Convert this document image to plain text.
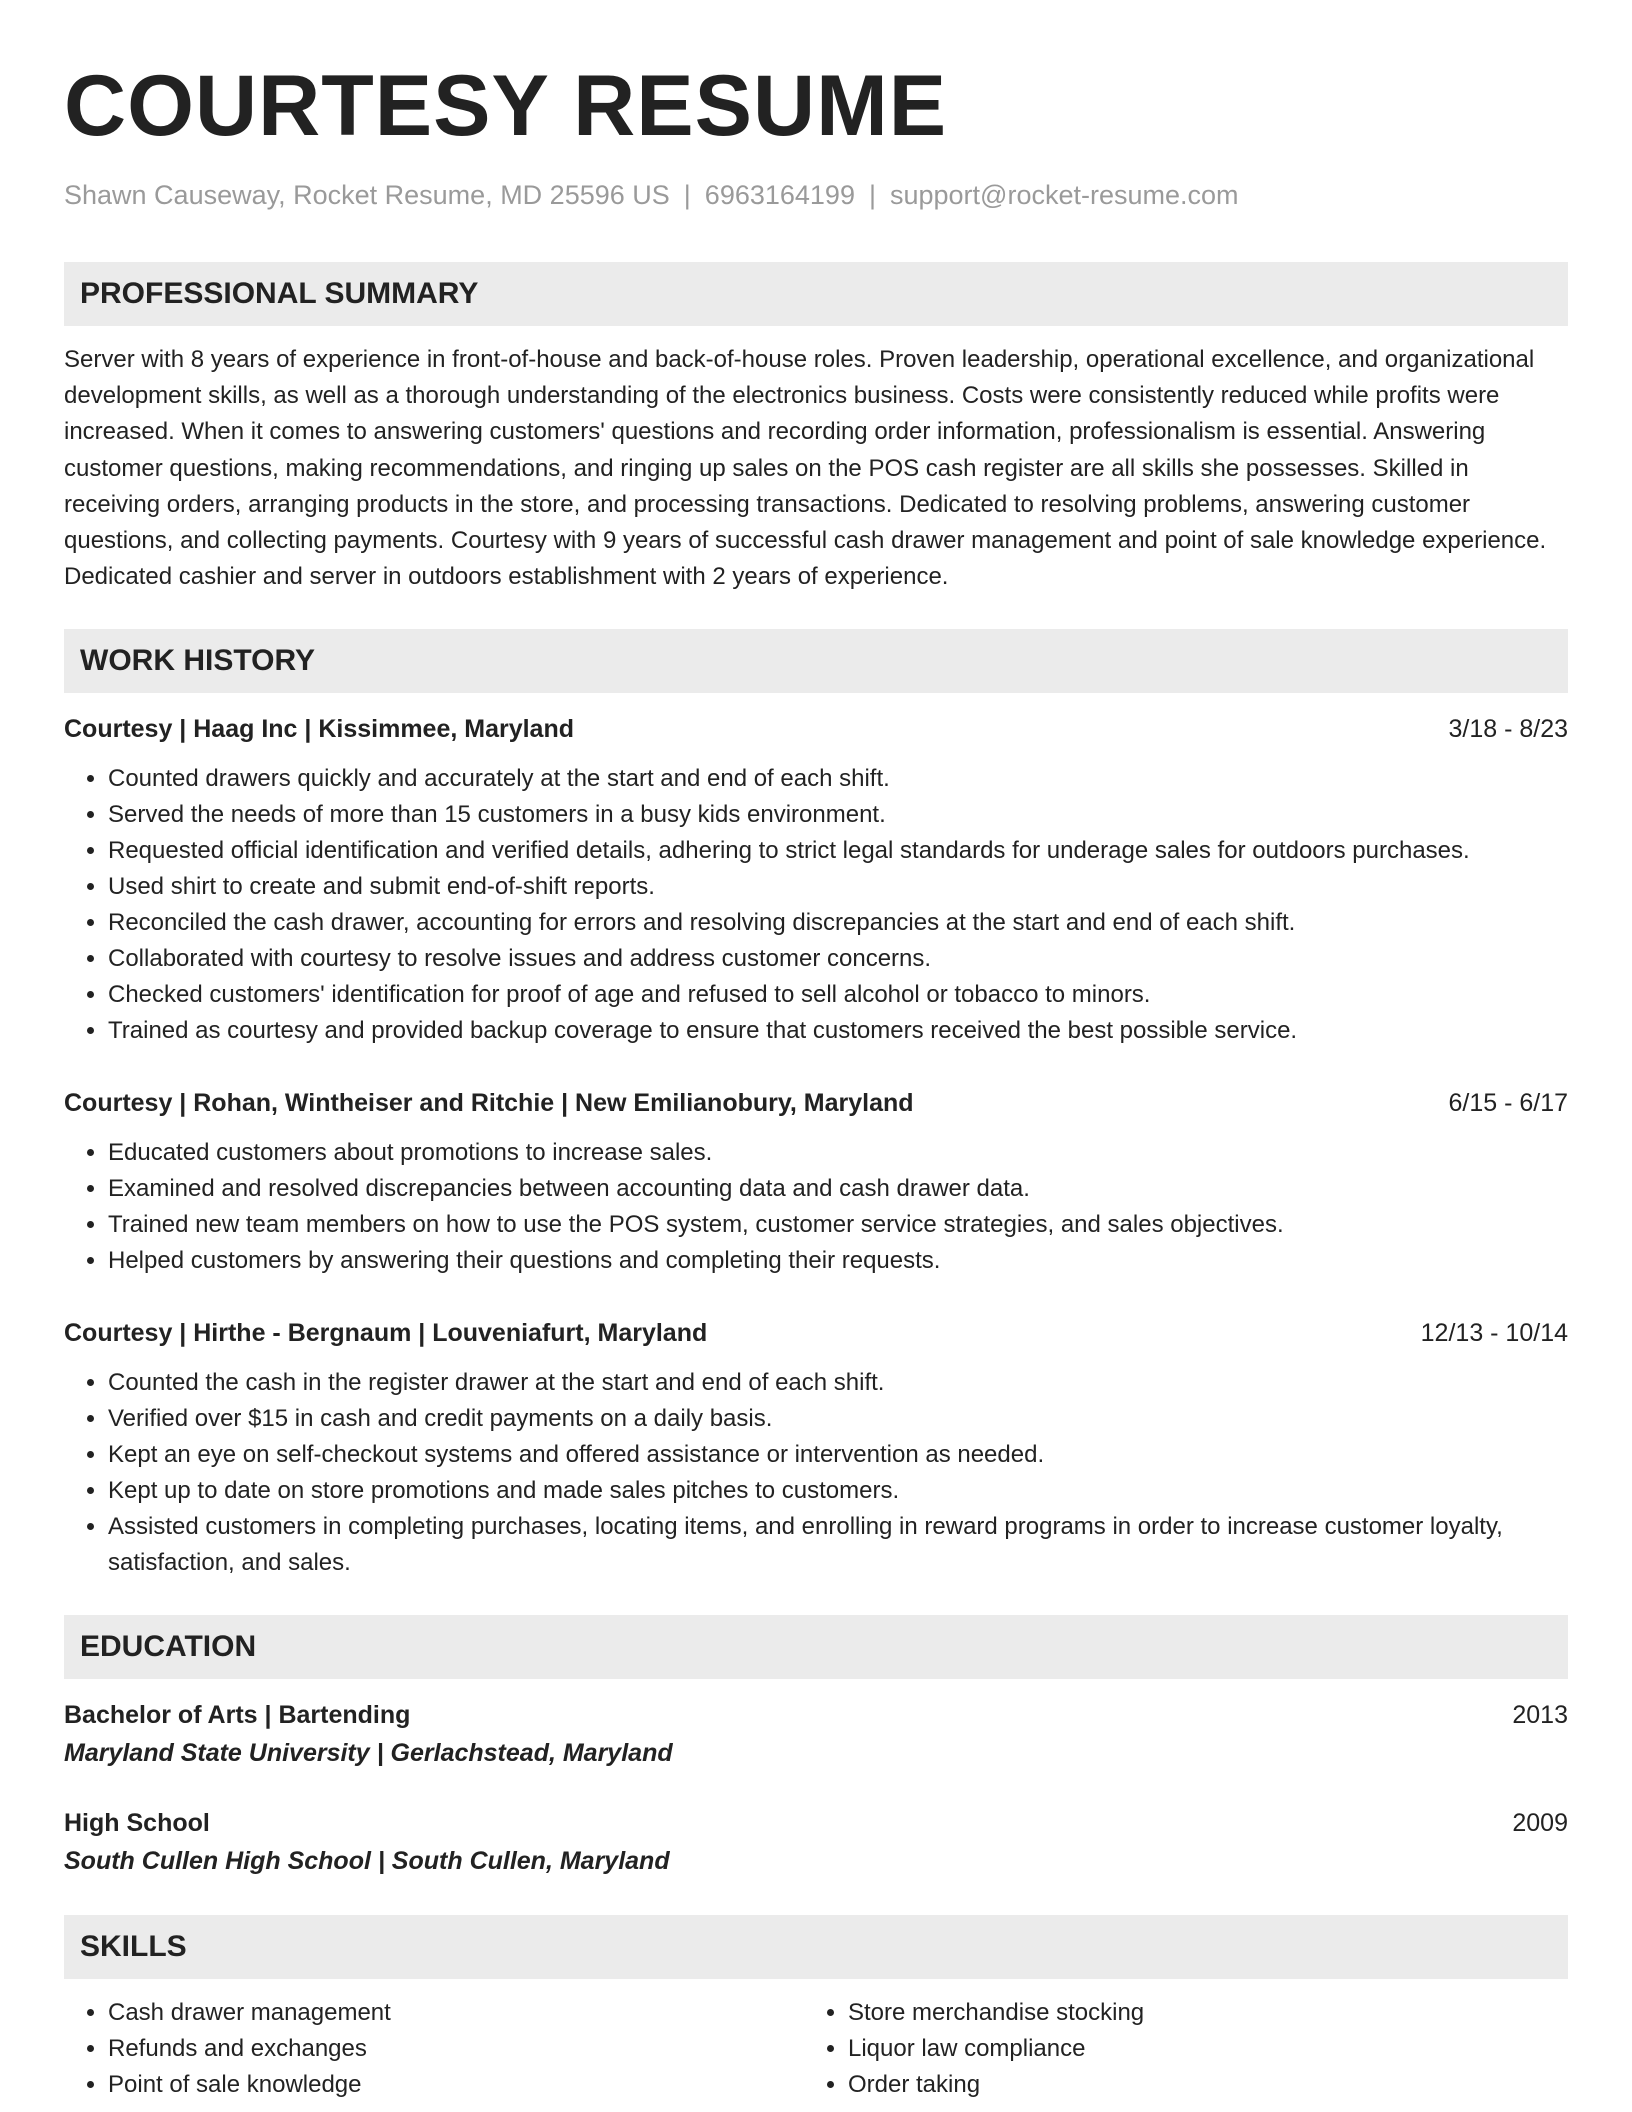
COURTESY RESUME
Shawn Causeway, Rocket Resume, MD 25596 US | 6963164199 | support@rocket-resume.com
PROFESSIONAL SUMMARY
Server with 8 years of experience in front-of-house and back-of-house roles. Proven leadership, operational excellence, and organizational development skills, as well as a thorough understanding of the electronics business. Costs were consistently reduced while profits were increased. When it comes to answering customers' questions and recording order information, professionalism is essential. Answering customer questions, making recommendations, and ringing up sales on the POS cash register are all skills she possesses. Skilled in receiving orders, arranging products in the store, and processing transactions. Dedicated to resolving problems, answering customer questions, and collecting payments. Courtesy with 9 years of successful cash drawer management and point of sale knowledge experience. Dedicated cashier and server in outdoors establishment with 2 years of experience.
WORK HISTORY
Courtesy | Haag Inc | Kissimmee, Maryland	3/18 - 8/23
• Counted drawers quickly and accurately at the start and end of each shift.
• Served the needs of more than 15 customers in a busy kids environment.
• Requested official identification and verified details, adhering to strict legal standards for underage sales for outdoors purchases.
• Used shirt to create and submit end-of-shift reports.
• Reconciled the cash drawer, accounting for errors and resolving discrepancies at the start and end of each shift.
• Collaborated with courtesy to resolve issues and address customer concerns.
• Checked customers' identification for proof of age and refused to sell alcohol or tobacco to minors.
• Trained as courtesy and provided backup coverage to ensure that customers received the best possible service.
Courtesy | Rohan, Wintheiser and Ritchie | New Emilianobury, Maryland	6/15 - 6/17
• Educated customers about promotions to increase sales.
• Examined and resolved discrepancies between accounting data and cash drawer data.
• Trained new team members on how to use the POS system, customer service strategies, and sales objectives.
• Helped customers by answering their questions and completing their requests.
Courtesy | Hirthe - Bergnaum | Louveniafurt, Maryland	12/13 - 10/14
• Counted the cash in the register drawer at the start and end of each shift.
• Verified over $15 in cash and credit payments on a daily basis.
• Kept an eye on self-checkout systems and offered assistance or intervention as needed.
• Kept up to date on store promotions and made sales pitches to customers.
• Assisted customers in completing purchases, locating items, and enrolling in reward programs in order to increase customer loyalty, satisfaction, and sales.
EDUCATION
Bachelor of Arts | Bartending	2013
Maryland State University | Gerlachstead, Maryland
High School	2009
South Cullen High School | South Cullen, Maryland
SKILLS
• Cash drawer management
• Refunds and exchanges
• Point of sale knowledge
• Store merchandise stocking
• Liquor law compliance
• Order taking
